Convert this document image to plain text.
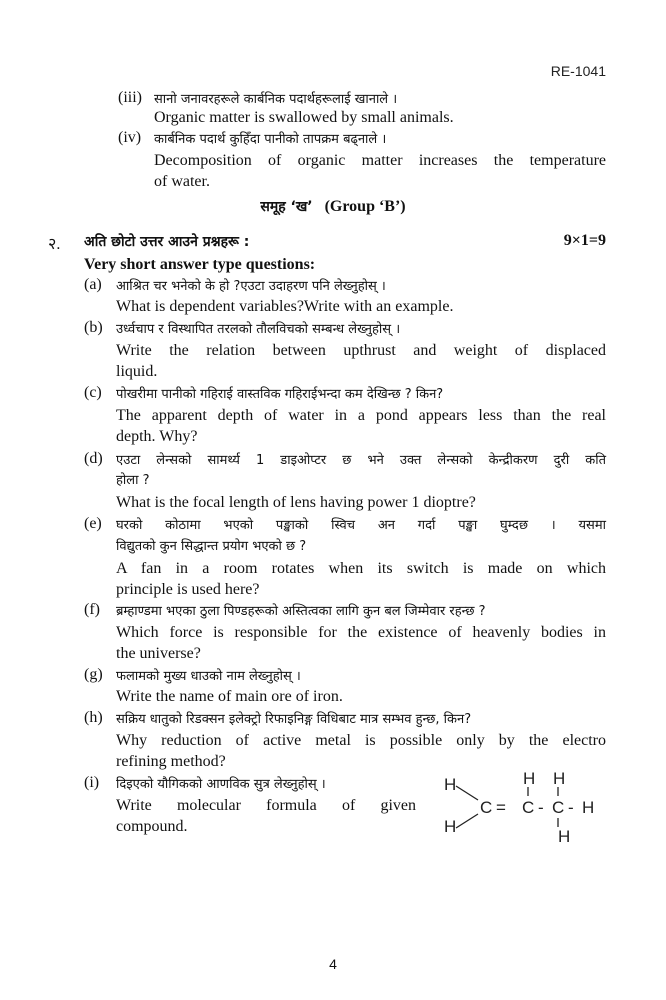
RE-1041
(iii) सानो जनावरहरूले कार्बनिक पदार्थहरूलाई खानाले ।
Organic matter is swallowed by small animals.
(iv) कार्बनिक पदार्थ कुहिँदा पानीको तापक्रम बढ्नाले ।
Decomposition of organic matter increases the temperature
of water.
समूह ‘ख’ (Group ‘B’)
२. अति छोटो उत्तर आउने प्रश्नहरू :	9×1=9
Very short answer type questions:
(a) आश्रित चर भनेको के हो ?एउटा उदाहरण पनि लेख्नुहोस् ।
What is dependent variables?Write with an example.
(b) उर्ध्वचाप र विस्थापित तरलको तौलविचको सम्बन्ध लेख्नुहोस् ।
Write the relation between upthrust and weight of displaced
liquid.
(c) पोखरीमा पानीको गहिराई वास्तविक गहिराईभन्दा कम देखिन्छ ? किन?
The apparent depth of water in a pond appears less than the real
depth. Why?
(d) एउटा लेन्सको सामर्थ्य 1 डाइओप्टर छ भने उक्त लेन्सको केन्द्रीकरण दुरी कति
होला ?
What is the focal length of lens having power 1 dioptre?
(e) घरको कोठामा भएको पङ्खाको स्विच अन गर्दा पङ्खा घुम्दछ । यसमा
विद्युतको कुन सिद्धान्त प्रयोग भएको छ ?
A fan in a room rotates when its switch is made on which
principle is used here?
(f) ब्रम्हाण्डमा भएका ठुला पिण्डहरूको अस्तित्वका लागि कुन बल जिम्मेवार रहन्छ ?
Which force is responsible for the existence of heavenly bodies in
the universe?
(g) फलामको मुख्य धाउको नाम लेख्नुहोस् ।
Write the name of main ore of iron.
(h) सक्रिय धातुको रिडक्सन इलेक्ट्रो रिफाइनिङ्ग विधिबाट मात्र सम्भव हुन्छ, किन?
Why reduction of active metal is possible only by the electro
refining method?
(i) दिइएको यौगिकको आणविक सुत्र लेख्नुहोस् ।
Write molecular formula of given
compound.
H
H
C = C - C - H
H H
H
4
